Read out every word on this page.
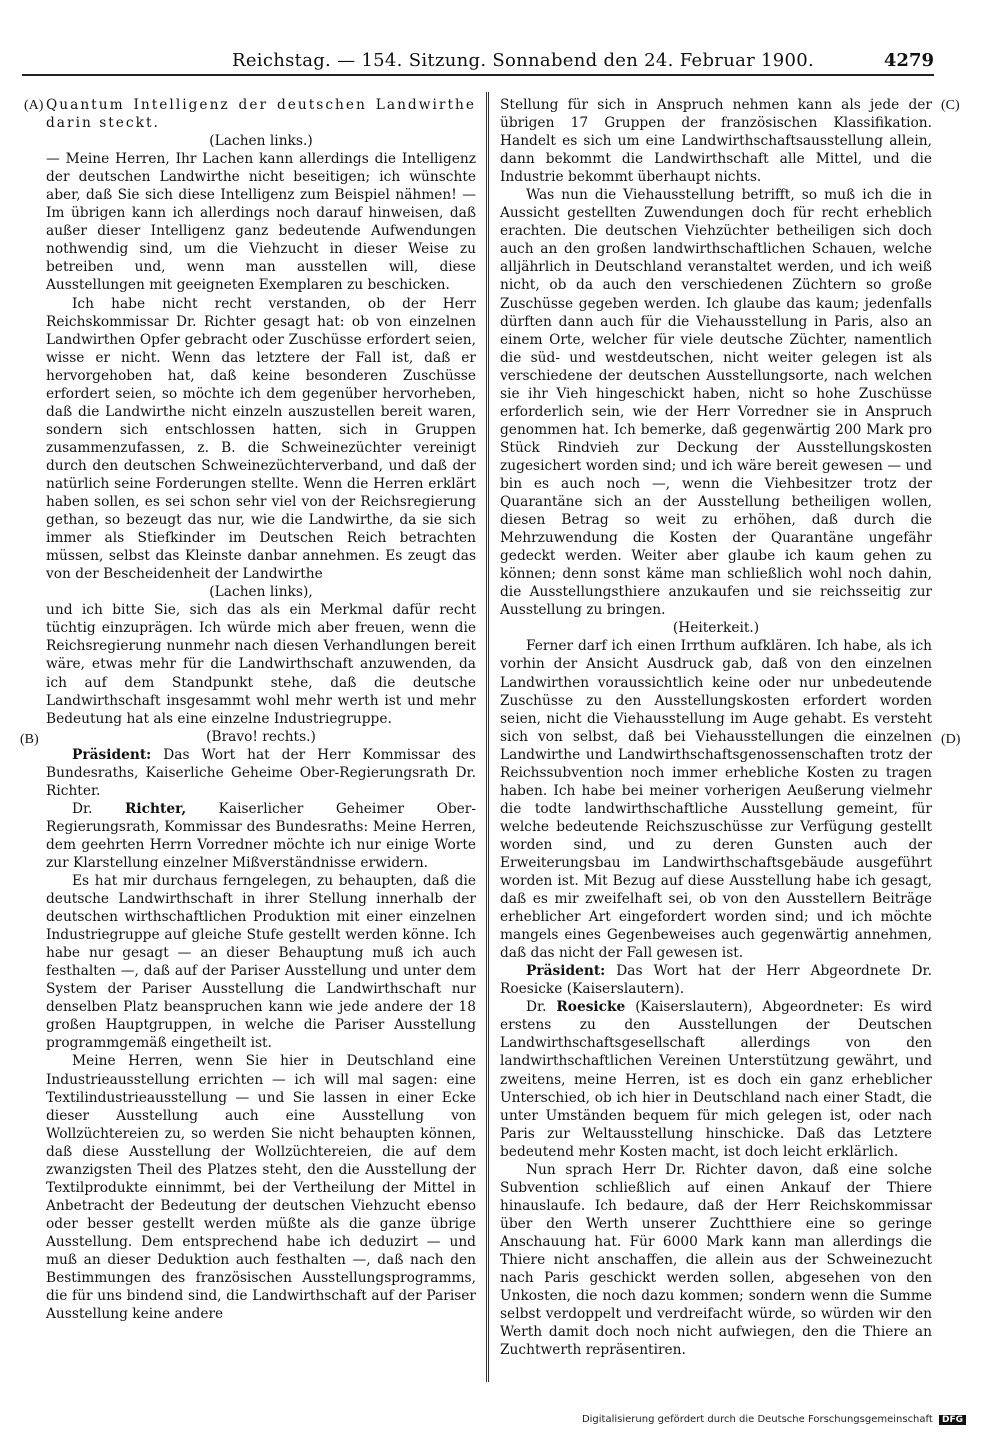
Reichstag. — 154. Sitzung. Sonnabend den 24. Februar 1900.	4279
(A)
(B)
(C)
(D)

Quantum Intelligenz der deutschen Landwirthe darin steckt.

(Lachen links.)

— Meine Herren, Ihr Lachen kann allerdings die Intelligenz der deutschen Landwirthe nicht beseitigen; ich wünschte aber, daß Sie sich diese Intelligenz zum Beispiel nähmen! — Im übrigen kann ich allerdings noch darauf hinweisen, daß außer dieser Intelligenz ganz bedeutende Aufwendungen nothwendig sind, um die Viehzucht in dieser Weise zu betreiben und, wenn man ausstellen will, diese Ausstellungen mit geeigneten Exemplaren zu beschicken.

Ich habe nicht recht verstanden, ob der Herr Reichskommissar Dr. Richter gesagt hat: ob von einzelnen Landwirthen Opfer gebracht oder Zuschüsse erfordert seien, wisse er nicht. Wenn das letztere der Fall ist, daß er hervorgehoben hat, daß keine besonderen Zuschüsse erfordert seien, so möchte ich dem gegenüber hervorheben, daß die Landwirthe nicht einzeln auszustellen bereit waren, sondern sich entschlossen hatten, sich in Gruppen zusammenzufassen, z. B. die Schweinezüchter vereinigt durch den deutschen Schweinezüchterverband, und daß der natürlich seine Forderungen stellte. Wenn die Herren erklärt haben sollen, es sei schon sehr viel von der Reichsregierung gethan, so bezeugt das nur, wie die Landwirthe, da sie sich immer als Stiefkinder im Deutschen Reich betrachten müssen, selbst das Kleinste danbar annehmen. Es zeugt das von der Bescheidenheit der Landwirthe

(Lachen links),

und ich bitte Sie, sich das als ein Merkmal dafür recht tüchtig einzuprägen. Ich würde mich aber freuen, wenn die Reichsregierung nunmehr nach diesen Verhandlungen bereit wäre, etwas mehr für die Landwirthschaft anzuwenden, da ich auf dem Standpunkt stehe, daß die deutsche Landwirthschaft insgesammt wohl mehr werth ist und mehr Bedeutung hat als eine einzelne Industriegruppe.

(Bravo! rechts.)

Präsident: Das Wort hat der Herr Kommissar des Bundesraths, Kaiserliche Geheime Ober-Regierungsrath Dr. Richter.

Dr. Richter, Kaiserlicher Geheimer Ober-Regierungsrath, Kommissar des Bundesraths: Meine Herren, dem geehrten Herrn Vorredner möchte ich nur einige Worte zur Klarstellung einzelner Mißverständnisse erwidern.

Es hat mir durchaus ferngelegen, zu behaupten, daß die deutsche Landwirthschaft in ihrer Stellung innerhalb der deutschen wirthschaftlichen Produktion mit einer einzelnen Industriegruppe auf gleiche Stufe gestellt werden könne. Ich habe nur gesagt — an dieser Behauptung muß ich auch festhalten —, daß auf der Pariser Ausstellung und unter dem System der Pariser Ausstellung die Landwirthschaft nur denselben Platz beanspruchen kann wie jede andere der 18 großen Hauptgruppen, in welche die Pariser Ausstellung programmgemäß eingetheilt ist.

Meine Herren, wenn Sie hier in Deutschland eine Industrieausstellung errichten — ich will mal sagen: eine Textilindustrieausstellung — und Sie lassen in einer Ecke dieser Ausstellung auch eine Ausstellung von Wollzüchtereien zu, so werden Sie nicht behaupten können, daß diese Ausstellung der Wollzüchtereien, die auf dem zwanzigsten Theil des Platzes steht, den die Ausstellung der Textilprodukte einnimmt, bei der Vertheilung der Mittel in Anbetracht der Bedeutung der deutschen Viehzucht ebenso oder besser gestellt werden müßte als die ganze übrige Ausstellung. Dem entsprechend habe ich deduzirt — und muß an dieser Deduktion auch festhalten —, daß nach den Bestimmungen des französischen Ausstellungsprogramms, die für uns bindend sind, die Landwirthschaft auf der Pariser Ausstellung keine andere

Stellung für sich in Anspruch nehmen kann als jede der übrigen 17 Gruppen der französischen Klassifikation. Handelt es sich um eine Landwirthschaftsausstellung allein, dann bekommt die Landwirthschaft alle Mittel, und die Industrie bekommt überhaupt nichts.

Was nun die Viehausstellung betrifft, so muß ich die in Aussicht gestellten Zuwendungen doch für recht erheblich erachten. Die deutschen Viehzüchter betheiligen sich doch auch an den großen landwirthschaftlichen Schauen, welche alljährlich in Deutschland veranstaltet werden, und ich weiß nicht, ob da auch den verschiedenen Züchtern so große Zuschüsse gegeben werden. Ich glaube das kaum; jedenfalls dürften dann auch für die Viehausstellung in Paris, also an einem Orte, welcher für viele deutsche Züchter, namentlich die süd- und westdeutschen, nicht weiter gelegen ist als verschiedene der deutschen Ausstellungsorte, nach welchen sie ihr Vieh hingeschickt haben, nicht so hohe Zuschüsse erforderlich sein, wie der Herr Vorredner sie in Anspruch genommen hat. Ich bemerke, daß gegenwärtig 200 Mark pro Stück Rindvieh zur Deckung der Ausstellungskosten zugesichert worden sind; und ich wäre bereit gewesen — und bin es auch noch —, wenn die Viehbesitzer trotz der Quarantäne sich an der Ausstellung betheiligen wollen, diesen Betrag so weit zu erhöhen, daß durch die Mehrzuwendung die Kosten der Quarantäne ungefähr gedeckt werden. Weiter aber glaube ich kaum gehen zu können; denn sonst käme man schließlich wohl noch dahin, die Ausstellungsthiere anzukaufen und sie reichsseitig zur Ausstellung zu bringen.

(Heiterkeit.)

Ferner darf ich einen Irrthum aufklären. Ich habe, als ich vorhin der Ansicht Ausdruck gab, daß von den einzelnen Landwirthen voraussichtlich keine oder nur unbedeutende Zuschüsse zu den Ausstellungskosten erfordert worden seien, nicht die Viehausstellung im Auge gehabt. Es versteht sich von selbst, daß bei Viehausstellungen die einzelnen Landwirthe und Landwirthschaftsgenossenschaften trotz der Reichssubvention noch immer erhebliche Kosten zu tragen haben. Ich habe bei meiner vorherigen Aeußerung vielmehr die todte landwirthschaftliche Ausstellung gemeint, für welche bedeutende Reichszuschüsse zur Verfügung gestellt worden sind, und zu deren Gunsten auch der Erweiterungsbau im Landwirthschaftsgebäude ausgeführt worden ist. Mit Bezug auf diese Ausstellung habe ich gesagt, daß es mir zweifelhaft sei, ob von den Ausstellern Beiträge erheblicher Art eingefordert worden sind; und ich möchte mangels eines Gegenbeweises auch gegenwärtig annehmen, daß das nicht der Fall gewesen ist.

Präsident: Das Wort hat der Herr Abgeordnete Dr. Roesicke (Kaiserslautern).

Dr. Roesicke (Kaiserslautern), Abgeordneter: Es wird erstens zu den Ausstellungen der Deutschen Landwirthschaftsgesellschaft allerdings von den landwirthschaftlichen Vereinen Unterstützung gewährt, und zweitens, meine Herren, ist es doch ein ganz erheblicher Unterschied, ob ich hier in Deutschland nach einer Stadt, die unter Umständen bequem für mich gelegen ist, oder nach Paris zur Weltausstellung hinschicke. Daß das Letztere bedeutend mehr Kosten macht, ist doch leicht erklärlich.

Nun sprach Herr Dr. Richter davon, daß eine solche Subvention schließlich auf einen Ankauf der Thiere hinauslaufe. Ich bedaure, daß der Herr Reichskommissar über den Werth unserer Zuchtthiere eine so geringe Anschauung hat. Für 6000 Mark kann man allerdings die Thiere nicht anschaffen, die allein aus der Schweinezucht nach Paris geschickt werden sollen, abgesehen von den Unkosten, die noch dazu kommen; sondern wenn die Summe selbst verdoppelt und verdreifacht würde, so würden wir den Werth damit doch noch nicht aufwiegen, den die Thiere an Zuchtwerth repräsentiren.

Digitalisierung gefördert durch die Deutsche Forschungsgemeinschaft DFG
